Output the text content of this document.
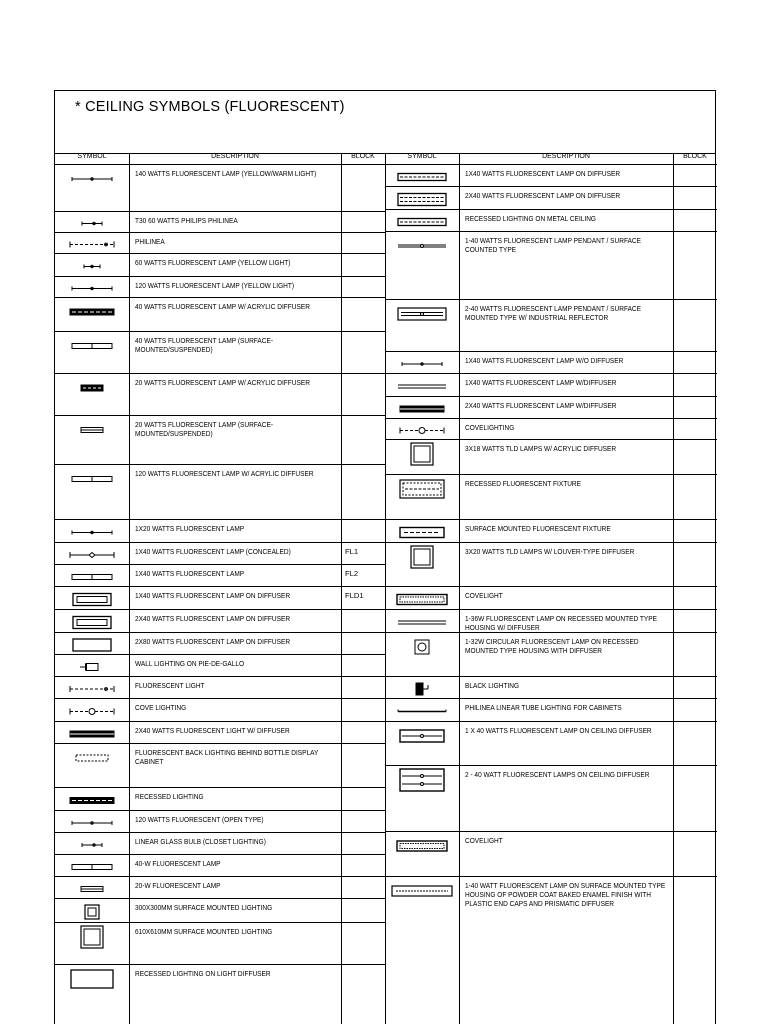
* CEILING SYMBOLS (FLUORESCENT)
SYMBOL	DESCRIPTION	BLOCK	SYMBOL	DESCRIPTION	BLOCK
140 WATTS FLUORESCENT LAMP (YELLOW/WARM LIGHT)
T30 60 WATTS PHILIPS PHILINEA
PHILINEA
60 WATTS FLUORESCENT LAMP (YELLOW LIGHT)
120 WATTS FLUORESCENT LAMP (YELLOW LIGHT)
40 WATTS FLUORESCENT LAMP W/ ACRYLIC DIFFUSER
40 WATTS FLUORESCENT LAMP (SURFACE-MOUNTED/SUSPENDED)
20 WATTS FLUORESCENT LAMP W/ ACRYLIC DIFFUSER
20 WATTS FLUORESCENT LAMP (SURFACE-MOUNTED/SUSPENDED)
120 WATTS FLUORESCENT LAMP W/ ACRYLIC DIFFUSER
1X20 WATTS FLUORESCENT LAMP
1X40 WATTS FLUORESCENT LAMP (CONCEALED)	FL1
1X40 WATTS FLUORESCENT LAMP	FL2
1X40 WATTS FLUORESCENT LAMP ON DIFFUSER	FLD1
2X40 WATTS FLUORESCENT LAMP ON DIFFUSER
2X80 WATTS FLUORESCENT LAMP ON DIFFUSER
WALL LIGHTING ON PIE-DE-GALLO
FLUORESCENT LIGHT
COVE LIGHTING
2X40 WATTS FLUORESCENT LIGHT W/ DIFFUSER
FLUORESCENT BACK LIGHTING BEHIND BOTTLE DISPLAY CABINET
RECESSED LIGHTING
120 WATTS FLUORESCENT (OPEN TYPE)
LINEAR GLASS BULB (CLOSET LIGHTING)
40-W FLUORESCENT LAMP
20-W FLUORESCENT LAMP
300X300MM SURFACE MOUNTED LIGHTING
610X610MM SURFACE MOUNTED LIGHTING
RECESSED LIGHTING ON LIGHT DIFFUSER
1X40 WATTS FLUORESCENT LAMP ON DIFFUSER
2X40 WATTS FLUORESCENT LAMP ON DIFFUSER
RECESSED LIGHTING ON METAL CEILING
1-40 WATTS FLUORESCENT LAMP PENDANT / SURFACE COUNTED TYPE
2-40 WATTS FLUORESCENT LAMP PENDANT / SURFACE MOUNTED TYPE W/ INDUSTRIAL REFLECTOR
1X40 WATTS FLUORESCENT LAMP W/O DIFFUSER
1X40 WATTS FLUORESCENT LAMP W/DIFFUSER
2X40 WATTS FLUORESCENT LAMP W/DIFFUSER
COVELIGHTING
3X18 WATTS TLD LAMPS W/ ACRYLIC DIFFUSER
RECESSED FLUORESCENT FIXTURE
SURFACE MOUNTED FLUORESCENT FIXTURE
3X20 WATTS TLD LAMPS W/ LOUVER-TYPE DIFFUSER
COVELIGHT
1-36W FLUORESCENT LAMP ON RECESSED MOUNTED TYPE HOUSING W/ DIFFUSER
1-32W CIRCULAR FLUORESCENT LAMP ON RECESSED MOUNTED TYPE HOUSING WITH DIFFUSER
BLACK LIGHTING
PHILINEA LINEAR TUBE LIGHTING FOR CABINETS
1 X 40 WATTS FLUORESCENT LAMP ON CEILING DIFFUSER
2 - 40 WATT FLUORESCENT LAMPS ON CEILING DIFFUSER
COVELIGHT
1-40 WATT FLUORESCENT LAMP ON SURFACE MOUNTED TYPE HOUSING OF POWDER COAT BAKED ENAMEL FINISH WITH PLASTIC END CAPS AND PRISMATIC DIFFUSER
